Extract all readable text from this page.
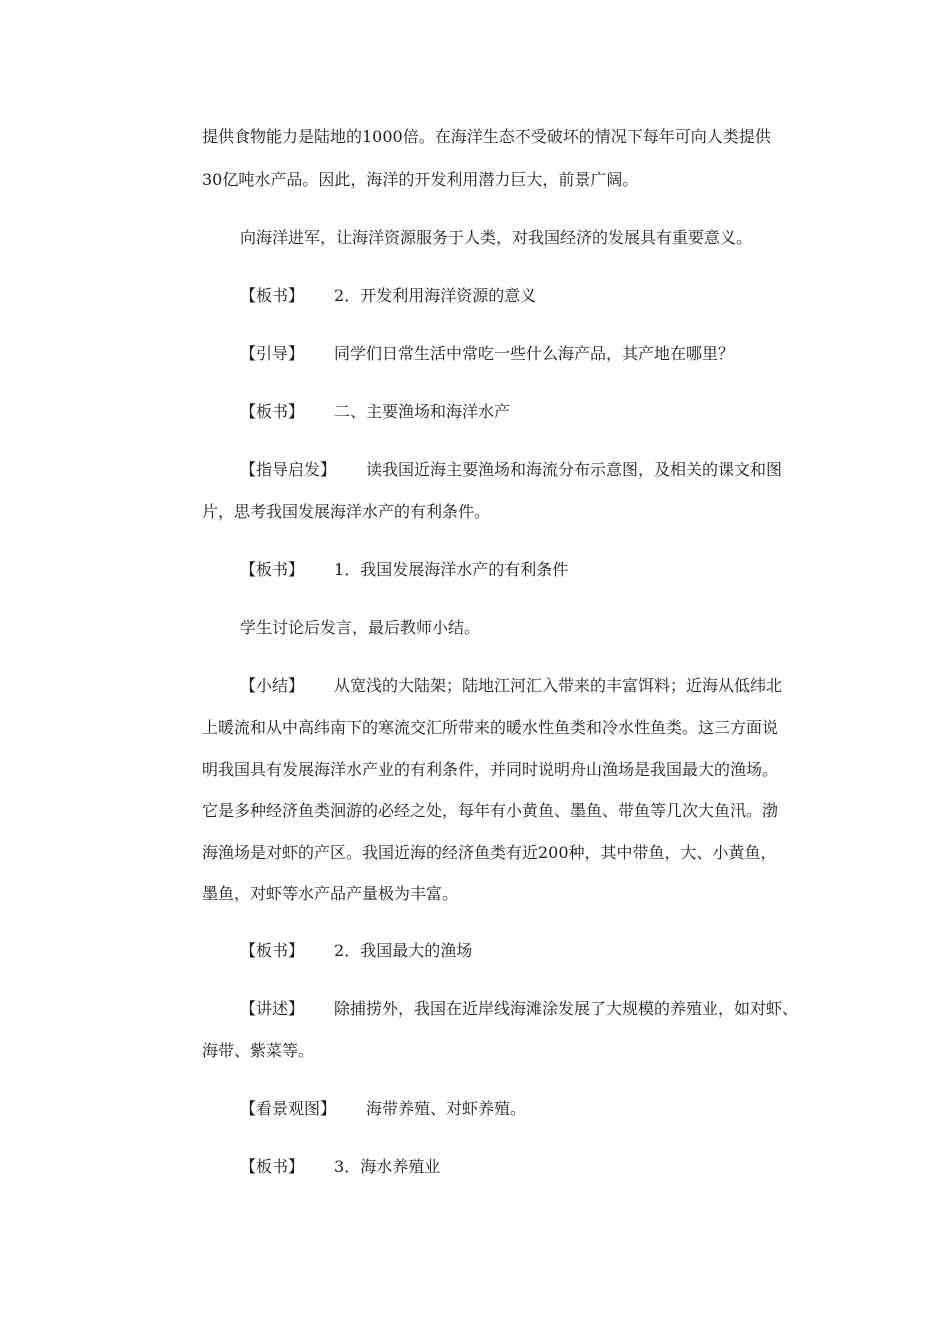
提供食物能力是陆地的1000倍。在海洋生态不受破坏的情况下每年可向人类提供
30亿吨水产品。因此，海洋的开发利用潜力巨大，前景广阔。
向海洋进军，让海洋资源服务于人类，对我国经济的发展具有重要意义。
【板书】 2．开发利用海洋资源的意义
【引导】 同学们日常生活中常吃一些什么海产品，其产地在哪里？
【板书】 二、主要渔场和海洋水产
【指导启发】 读我国近海主要渔场和海流分布示意图，及相关的课文和图
片，思考我国发展海洋水产的有利条件。
【板书】 1．我国发展海洋水产的有利条件
学生讨论后发言，最后教师小结。
【小结】 从宽浅的大陆架；陆地江河汇入带来的丰富饵料；近海从低纬北
上暖流和从中高纬南下的寒流交汇所带来的暖水性鱼类和冷水性鱼类。这三方面说
明我国具有发展海洋水产业的有利条件，并同时说明舟山渔场是我国最大的渔场。
它是多种经济鱼类洄游的必经之处，每年有小黄鱼、墨鱼、带鱼等几次大鱼汛。渤
海渔场是对虾的产区。我国近海的经济鱼类有近200种，其中带鱼，大、小黄鱼，
墨鱼，对虾等水产品产量极为丰富。
【板书】 2．我国最大的渔场
【讲述】 除捕捞外，我国在近岸线海滩涂发展了大规模的养殖业，如对虾、
海带、紫菜等。
【看景观图】 海带养殖、对虾养殖。
【板书】 3．海水养殖业
